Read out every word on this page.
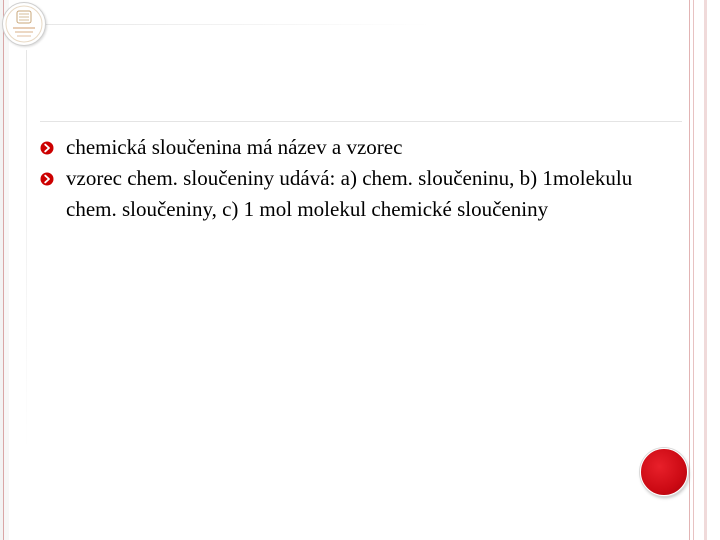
chemická sloučenina má název a vzorec
vzorec chem. sloučeniny udává: a) chem. sloučeninu, b) 1molekulu chem. sloučeniny, c) 1 mol molekul chemické sloučeniny
